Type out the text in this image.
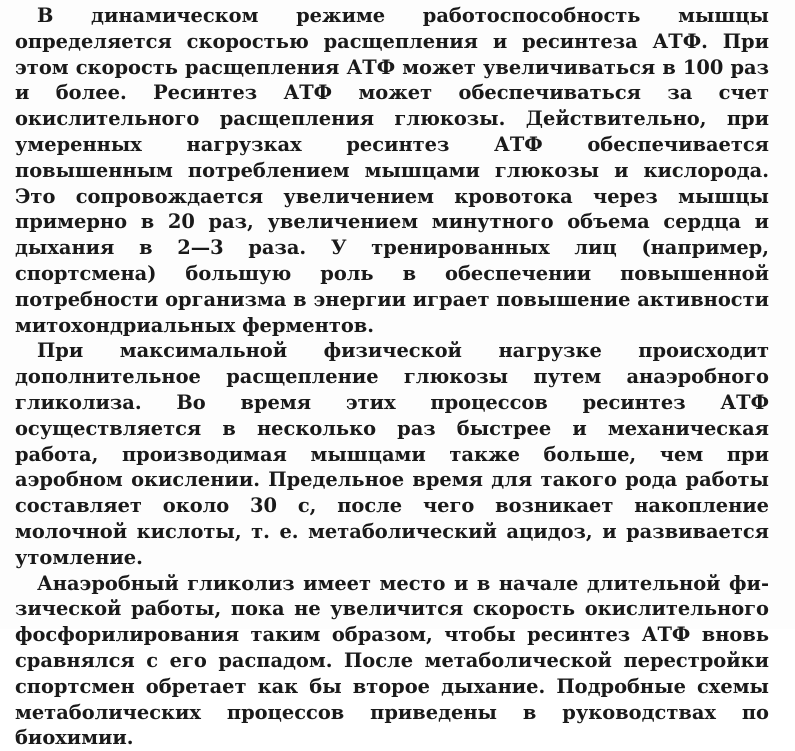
В динамическом режиме работоспособность мышцы определяется скоростью расщепления и ресинтеза АТФ. При этом скорость расщепления АТФ может увеличиваться в 100 раз и более. Ресинтез АТФ может обеспечиваться за счет окислительного расщепления глюкозы. Действительно, при умеренных нагрузках ресинтез АТФ обеспечивается повышенным потреблением мышцами глюкозы и кислорода. Это сопровождается увеличением кровотока через мышцы примерно в 20 раз, увеличением минутного объема сердца и дыхания в 2—3 раза. У тренированных лиц (например, спортсмена) большую роль в обеспечении повышенной потребности организма в энергии играет повышение активности митохондриальных ферментов.

При максимальной физической нагрузке происходит дополнительное расщепление глюкозы путем анаэробного гликолиза. Во время этих процессов ресинтез АТФ осуществляется в несколько раз быстрее и механическая работа, производимая мышцами также больше, чем при аэробном окислении. Предельное время для такого рода работы составляет около 30 с, после чего возникает накопление молочной кислоты, т. е. метаболический ацидоз, и развивается утомление.

Анаэробный гликолиз имеет место и в начале длительной физической работы, пока не увеличится скорость окислительного фосфорилирования таким образом, чтобы ресинтез АТФ вновь сравнялся с его распадом. После метаболической перестройки спортсмен обретает как бы второе дыхание. Подробные схемы метаболических процессов приведены в руководствах по биохимии.
